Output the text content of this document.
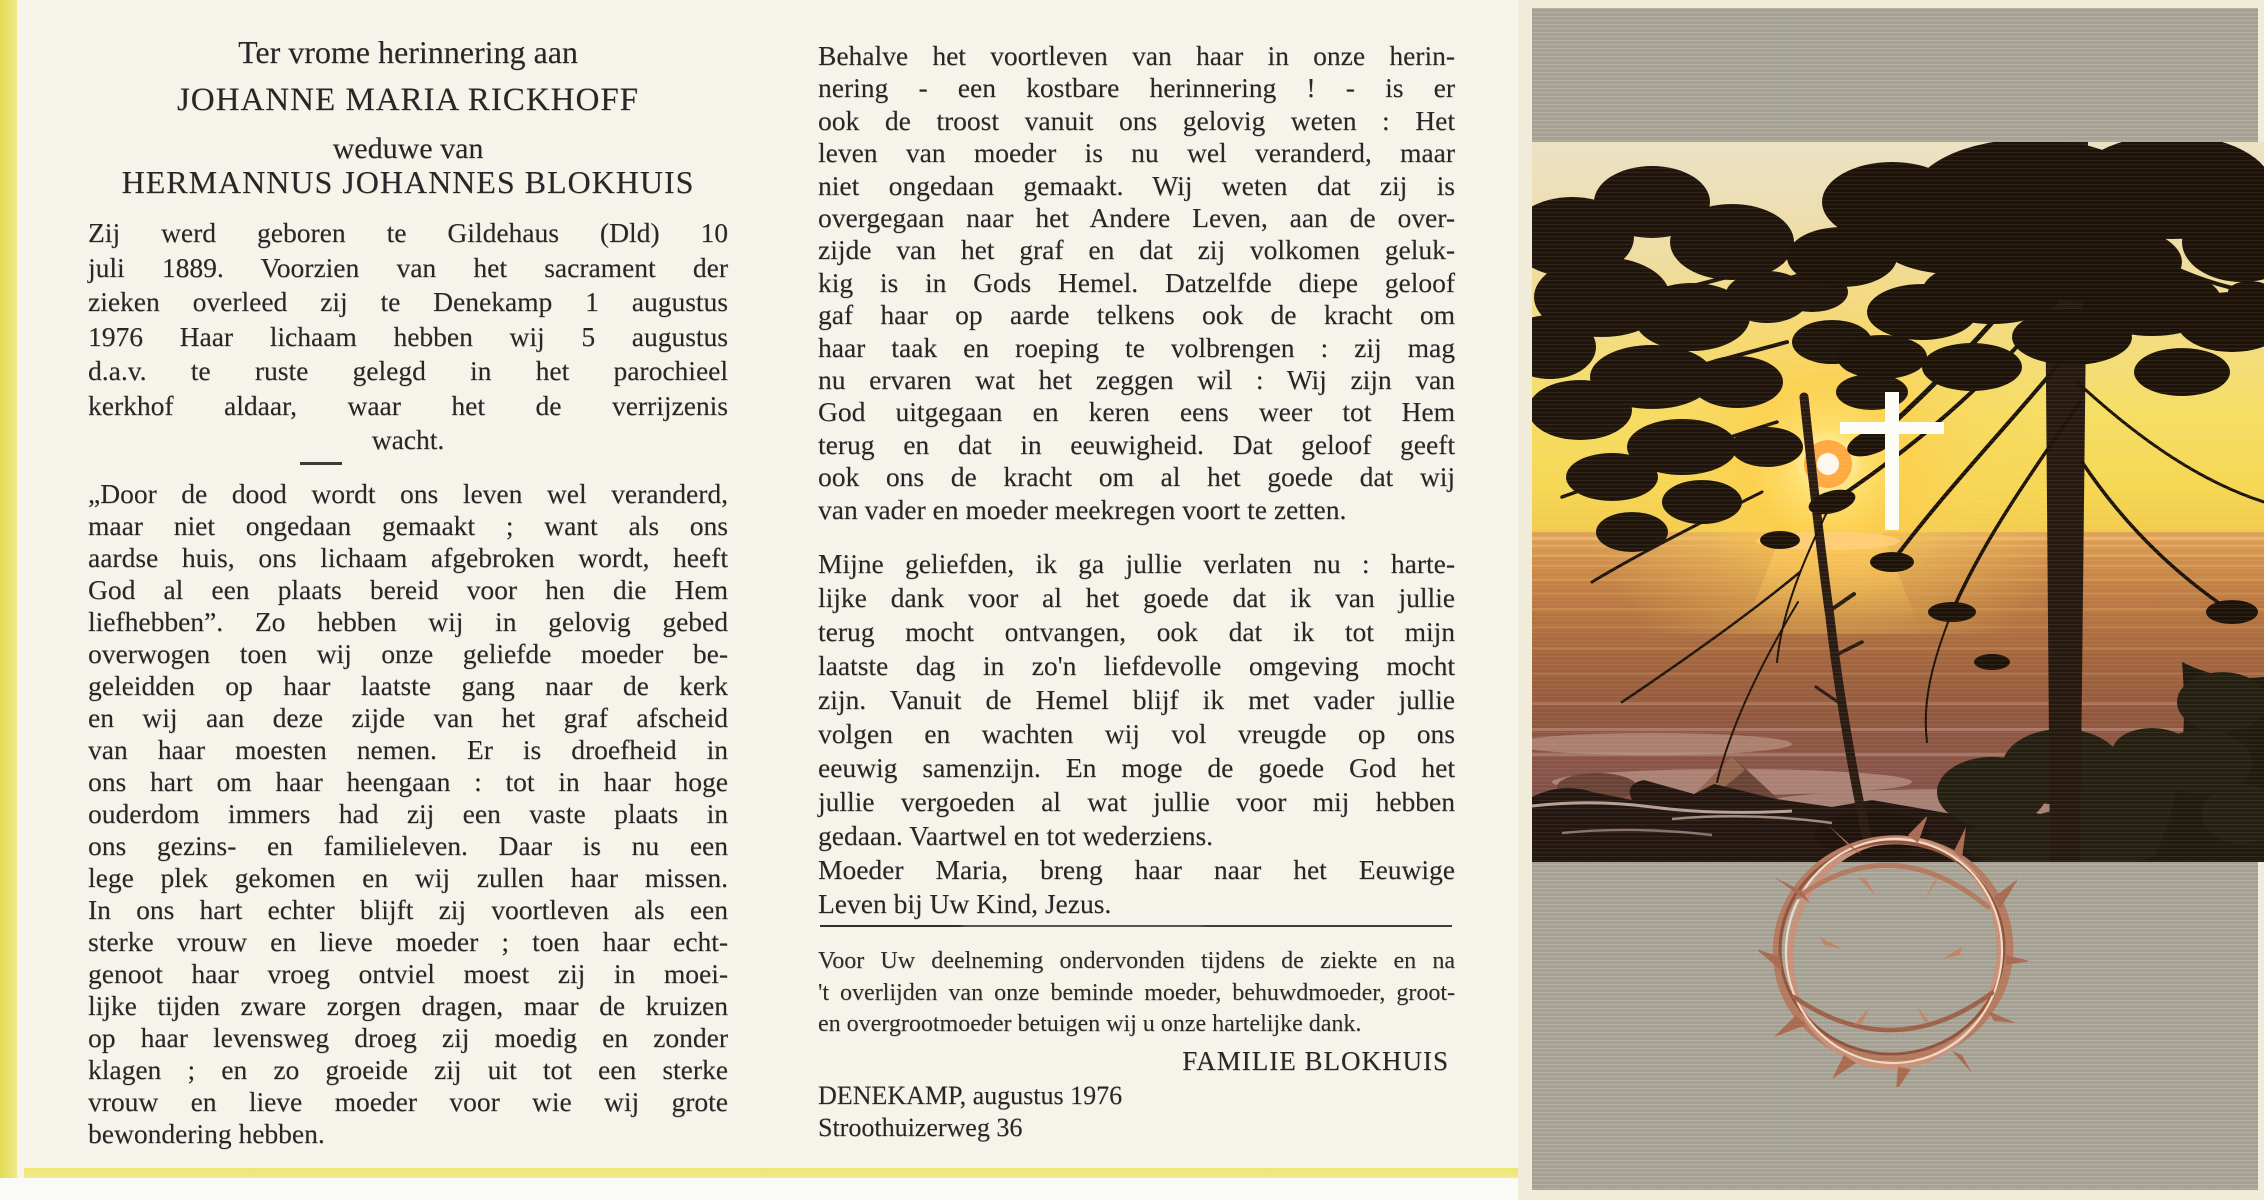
Ter vrome herinnering aan
JOHANNE MARIA RICKHOFF
weduwe van
HERMANNUS JOHANNES BLOKHUIS
Zij werd geboren te Gildehaus (Dld) 10
juli 1889. Voorzien van het sacrament der
zieken overleed zij te Denekamp 1 augustus
1976 Haar lichaam hebben wij 5 augustus
d.a.v. te ruste gelegd in het parochieel
kerkhof aldaar, waar het de verrijzenis
wacht.
„Door de dood wordt ons leven wel veranderd,
maar niet ongedaan gemaakt ; want als ons
aardse huis, ons lichaam afgebroken wordt, heeft
God al een plaats bereid voor hen die Hem
liefhebben”. Zo hebben wij in gelovig gebed
overwogen toen wij onze geliefde moeder be-
geleidden op haar laatste gang naar de kerk
en wij aan deze zijde van het graf afscheid
van haar moesten nemen. Er is droefheid in
ons hart om haar heengaan : tot in haar hoge
ouderdom immers had zij een vaste plaats in
ons gezins- en familieleven. Daar is nu een
lege plek gekomen en wij zullen haar missen.
In ons hart echter blijft zij voortleven als een
sterke vrouw en lieve moeder ; toen haar echt-
genoot haar vroeg ontviel moest zij in moei-
lijke tijden zware zorgen dragen, maar de kruizen
op haar levensweg droeg zij moedig en zonder
klagen ; en zo groeide zij uit tot een sterke
vrouw en lieve moeder voor wie wij grote
bewondering hebben.
Behalve het voortleven van haar in onze herin-
nering - een kostbare herinnering ! - is er
ook de troost vanuit ons gelovig weten : Het
leven van moeder is nu wel veranderd, maar
niet ongedaan gemaakt. Wij weten dat zij is
overgegaan naar het Andere Leven, aan de over-
zijde van het graf en dat zij volkomen geluk-
kig is in Gods Hemel. Datzelfde diepe geloof
gaf haar op aarde telkens ook de kracht om
haar taak en roeping te volbrengen : zij mag
nu ervaren wat het zeggen wil : Wij zijn van
God uitgegaan en keren eens weer tot Hem
terug en dat in eeuwigheid. Dat geloof geeft
ook ons de kracht om al het goede dat wij
van vader en moeder meekregen voort te zetten.
Mijne geliefden, ik ga jullie verlaten nu : harte-
lijke dank voor al het goede dat ik van jullie
terug mocht ontvangen, ook dat ik tot mijn
laatste dag in zo'n liefdevolle omgeving mocht
zijn. Vanuit de Hemel blijf ik met vader jullie
volgen en wachten wij vol vreugde op ons
eeuwig samenzijn. En moge de goede God het
jullie vergoeden al wat jullie voor mij hebben
gedaan. Vaartwel en tot wederziens.
Moeder Maria, breng haar naar het Eeuwige
Leven bij Uw Kind, Jezus.
Voor Uw deelneming ondervonden tijdens de ziekte en na
't overlijden van onze beminde moeder, behuwdmoeder, groot-
en overgrootmoeder betuigen wij u onze hartelijke dank.
FAMILIE BLOKHUIS
DENEKAMP, augustus 1976
Stroothuizerweg 36
